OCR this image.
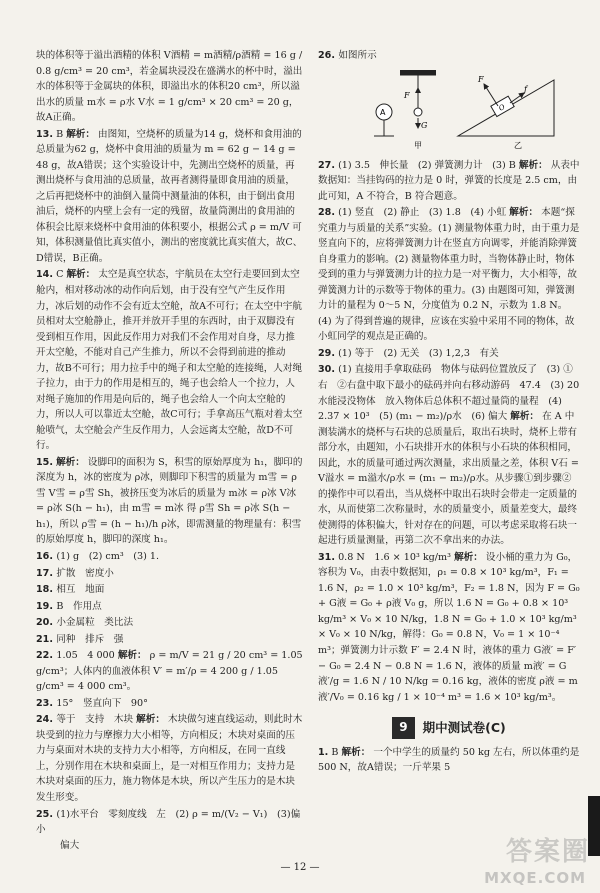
块的体积等于溢出酒精的体积 V酒精 = m酒精/ρ酒精 = 16 g / 0.8 g/cm³ = 20 cm³，若金属块浸没在盛满水的杯中时，溢出水的体积等于金属块的体积，即溢出水的体积20 cm³，所以溢出水的质量 m水 = ρ水 V水 = 1 g/cm³ × 20 cm³ = 20 g，故A正确。
13. B 解析： 由图知，空烧杯的质量为14 g，烧杯和食用油的总质量为62 g，烧杯中食用油的质量为 m = 62 g − 14 g = 48 g，故A错误；这个实验设计中，先测出空烧杯的质量，再测出烧杯与食用油的总质量，故再者测得量即食用油的质量，之后再把烧杯中的油倒入量筒中测量油的体积，由于倒出食用油后，烧杯的内壁上会有一定的残留，故量筒测出的食用油的体积会比原来烧杯中食用油的体积要小，根据公式 ρ = m/V 可知，体积测量值比真实值小，测出的密度就比真实值大，故C、D错误，B正确。
14. C 解析： 太空是真空状态，宇航员在太空行走要回到太空舱内，相对移动冰的动作向后划，由于没有空气产生反作用力，冰后划的动作不会有近太空舱，故A不可行；在太空中宇航员相对太空舱静止，推开并放开手里的东西时，由于双脚没有受到相互作用，因此反作用力对我们不会作用对自身，尽力推开太空舱，不能对自己产生推力，所以不会得到前进的推动力，故B不可行；用力拉手中的绳子和太空舱的连接绳，人对绳子拉力，由于力的作用是相互的，绳子也会给人一个拉力，人对绳子施加的作用是向后的，绳子也会给人一个向太空舱的力，所以人可以靠近太空舱，故C可行；手拿高压气瓶对着太空舱喷气，太空舱会产生反作用力，人会远离太空舱，故D不可行。
15. 解析： 设脚印的面积为 S，积雪的原始厚度为 h₁，脚印的深度为 h，冰的密度为 ρ冰，则脚印下积雪的质量为 m雪 = ρ雪 V雪 = ρ雪 Sh，被挤压变为冰后的质量为 m冰 = ρ冰 V冰 = ρ冰 S(h − h₁)，由 m雪 = m冰 得 ρ雪 Sh = ρ冰 S(h − h₁)，所以 ρ雪 = (h − h₁)/h ρ冰，即需测量的物理量有：积雪的原始厚度 h，脚印的深度 h₁。
16. (1) g　(2) cm³　(3) 1.
17. 扩散　密度小
18. 相互　地面
19. B　作用点
20. 小金属粒　类比法
21. 同种　排斥　强
22. 1.05　4 000 解析： ρ = m/V = 21 g / 20 cm³ = 1.05 g/cm³；人体内的血液体积 V′ = m′/ρ = 4 200 g / 1.05 g/cm³ = 4 000 cm³。
23. 15°　竖直向下　90°
24. 等于　支持　木块 解析： 木块做匀速直线运动，则此时木块受到的拉力与摩擦力大小相等，方向相反；木块对桌面的压力与桌面对木块的支持力大小相等，方向相反，在同一直线上，分别作用在木块和桌面上，是一对相互作用力；支持力是木块对桌面的压力，施力物体是木块，所以产生压力的是木块发生形变。
25. (1)水平台　零刻度线　左　(2) ρ = m/(V₂ − V₁)　(3)偏小
偏大
26. 如图所示
F
G
A
甲
O
F
f
乙
27. (1) 3.5　伸长量　(2) 弹簧测力计　(3) B 解析： 从表中数据知：当挂钩码的拉力是 0 时，弹簧的长度是 2.5 cm，由此可知，A 不符合，B 符合题意。
28. (1) 竖直　(2) 静止　(3) 1.8　(4) 小虹 解析： 本题“探究重力与质量的关系”实验。(1) 测量物体重力时，由于重力是竖直向下的，应将弹簧测力计在竖直方向调零，并能消除弹簧自身重力的影响。(2) 测量物体重力时，当物体静止时，物体受到的重力与弹簧测力计的拉力是一对平衡力，大小相等，故弹簧测力计的示数等于物体的重力。(3) 由题图可知，弹簧测力计的量程为 0～5 N，分度值为 0.2 N，示数为 1.8 N。(4) 为了得到普遍的规律，应该在实验中采用不同的物体，故小虹同学的观点是正确的。
29. (1) 等于　(2) 无关　(3) 1,2,3　有关
30. (1) 直接用手拿取砝码　物体与砝码位置放反了　(3) ①右　②右盘中取下最小的砝码并向右移动游码　47.4　(3) 20　水能浸没物体　放入物体后总体积不超过量筒的量程　(4) 2.37 × 10³　(5) (m₁ − m₂)/ρ水　(6) 偏大 解析： 在 A 中测装满水的烧杯与石块的总质量后，取出石块时，烧杯上带有部分水，由题知，小石块排开水的体积与小石块的体积相同，因此，水的质量可通过两次测量，求出质量之差，体积 V石 = V溢水 = m溢水/ρ水 = (m₁ − m₂)/ρ水。从步骤①到步骤②的操作中可以看出，当从烧杯中取出石块时会带走一定质量的水，从而使第二次称量时，水的质量变小，质量差变大，最终使测得的体积偏大，针对存在的问题，可以考虑采取将石块一起进行质量测量，再第二次不拿出来的办法。
31. 0.8 N　1.6 × 10³ kg/m³ 解析： 设小桶的重力为 G₀，容积为 V₀，由表中数据知，ρ₁ = 0.8 × 10³ kg/m³，F₁ = 1.6 N，ρ₂ = 1.0 × 10³ kg/m³，F₂ = 1.8 N，因为 F = G₀ + G液 = G₀ + ρ液 V₀ g，所以 1.6 N = G₀ + 0.8 × 10³ kg/m³ × V₀ × 10 N/kg，1.8 N = G₀ + 1.0 × 10³ kg/m³ × V₀ × 10 N/kg，解得：G₀ = 0.8 N，V₀ = 1 × 10⁻⁴ m³；弹簧测力计示数 F′ = 2.4 N 时，液体的重力 G液′ = F′ − G₀ = 2.4 N − 0.8 N = 1.6 N，液体的质量 m液′ = G液′/g = 1.6 N / 10 N/kg = 0.16 kg，液体的密度 ρ液 = m液′/V₀ = 0.16 kg / 1 × 10⁻⁴ m³ = 1.6 × 10³ kg/m³。
9	期中测试卷(C)
1. B 解析： 一个中学生的质量约 50 kg 左右，所以体重约是 500 N，故A错误；一斤苹果 5
— 12 —
答案圈
MXQE.COM
